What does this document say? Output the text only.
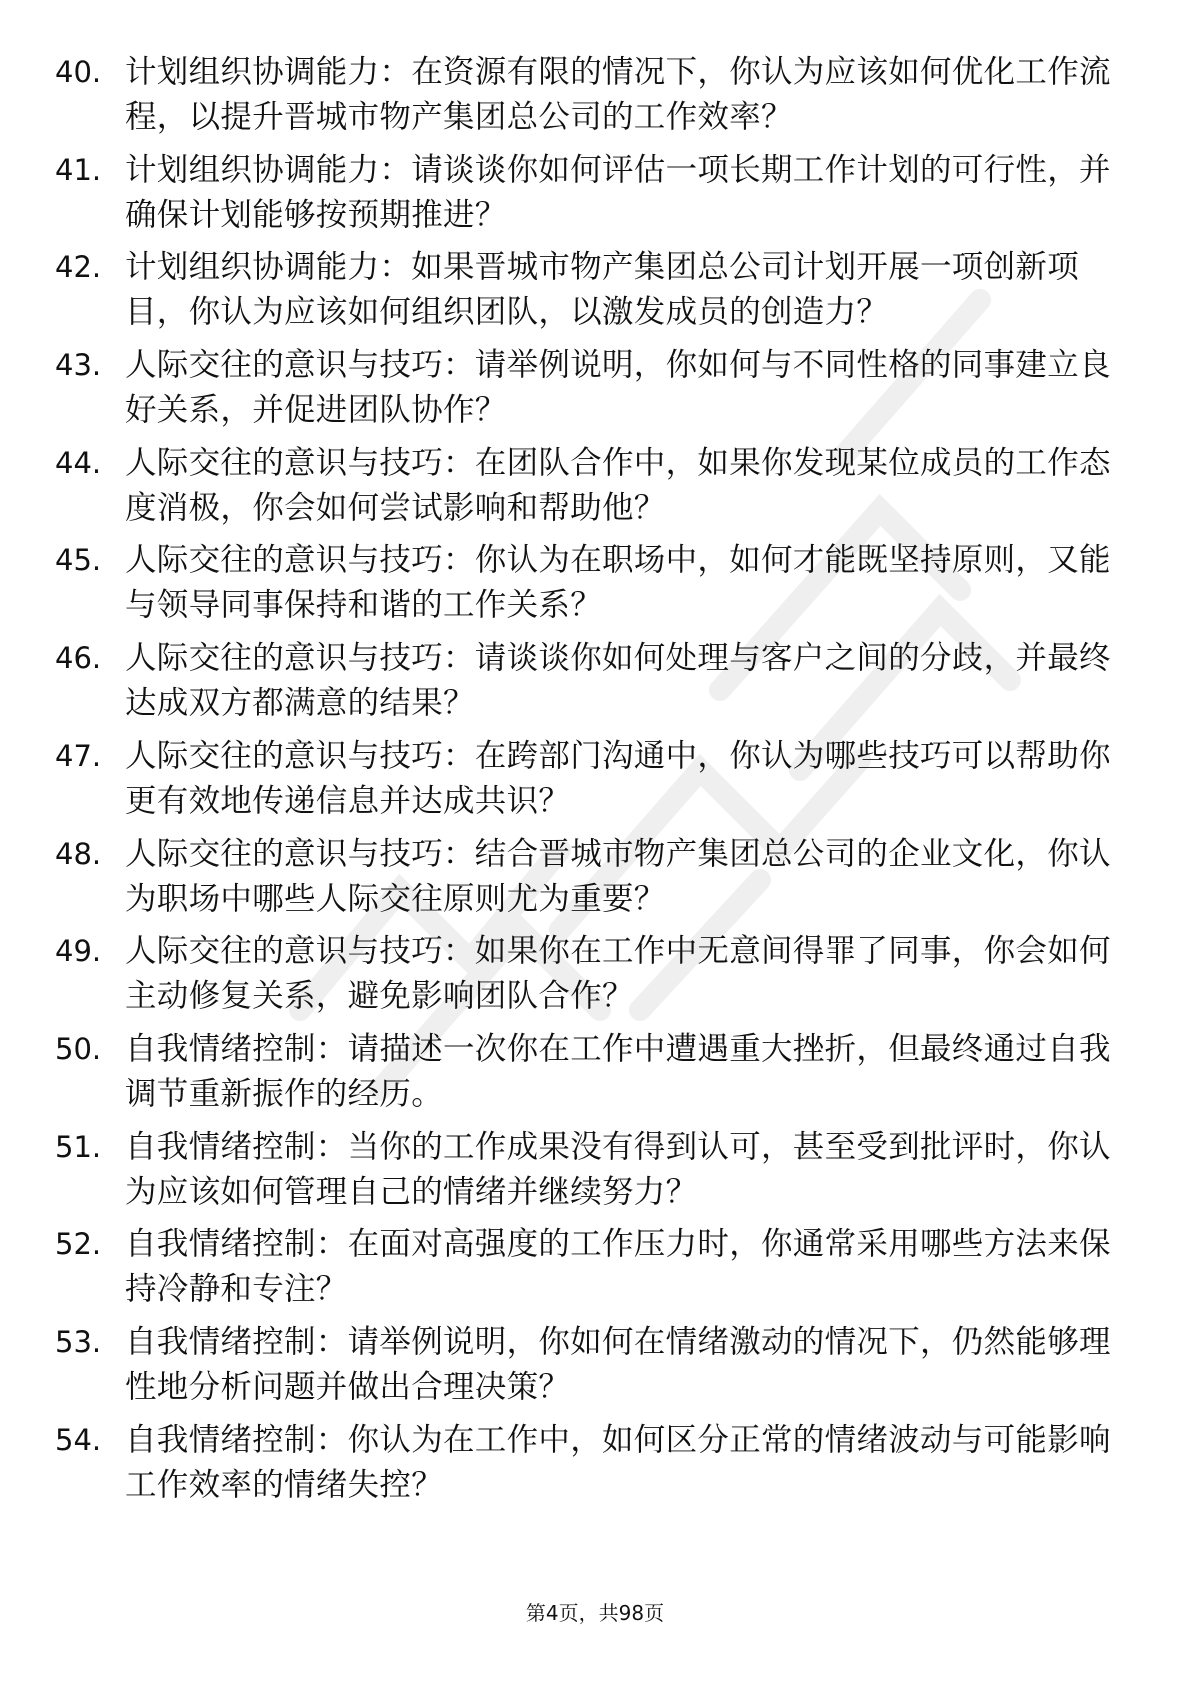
40. 计划组织协调能力：在资源有限的情况下，你认为应该如何优化工作流程，以提升晋城市物产集团总公司的工作效率？
41. 计划组织协调能力：请谈谈你如何评估一项长期工作计划的可行性，并确保计划能够按预期推进？
42. 计划组织协调能力：如果晋城市物产集团总公司计划开展一项创新项目，你认为应该如何组织团队，以激发成员的创造力？
43. 人际交往的意识与技巧：请举例说明，你如何与不同性格的同事建立良好关系，并促进团队协作？
44. 人际交往的意识与技巧：在团队合作中，如果你发现某位成员的工作态度消极，你会如何尝试影响和帮助他？
45. 人际交往的意识与技巧：你认为在职场中，如何才能既坚持原则，又能与领导同事保持和谐的工作关系？
46. 人际交往的意识与技巧：请谈谈你如何处理与客户之间的分歧，并最终达成双方都满意的结果？
47. 人际交往的意识与技巧：在跨部门沟通中，你认为哪些技巧可以帮助你更有效地传递信息并达成共识？
48. 人际交往的意识与技巧：结合晋城市物产集团总公司的企业文化，你认为职场中哪些人际交往原则尤为重要？
49. 人际交往的意识与技巧：如果你在工作中无意间得罪了同事，你会如何主动修复关系，避免影响团队合作？
50. 自我情绪控制：请描述一次你在工作中遭遇重大挫折，但最终通过自我调节重新振作的经历。
51. 自我情绪控制：当你的工作成果没有得到认可，甚至受到批评时，你认为应该如何管理自己的情绪并继续努力？
52. 自我情绪控制：在面对高强度的工作压力时，你通常采用哪些方法来保持冷静和专注？
53. 自我情绪控制：请举例说明，你如何在情绪激动的情况下，仍然能够理性地分析问题并做出合理决策？
54. 自我情绪控制：你认为在工作中，如何区分正常的情绪波动与可能影响工作效率的情绪失控？
第4页，共98页
